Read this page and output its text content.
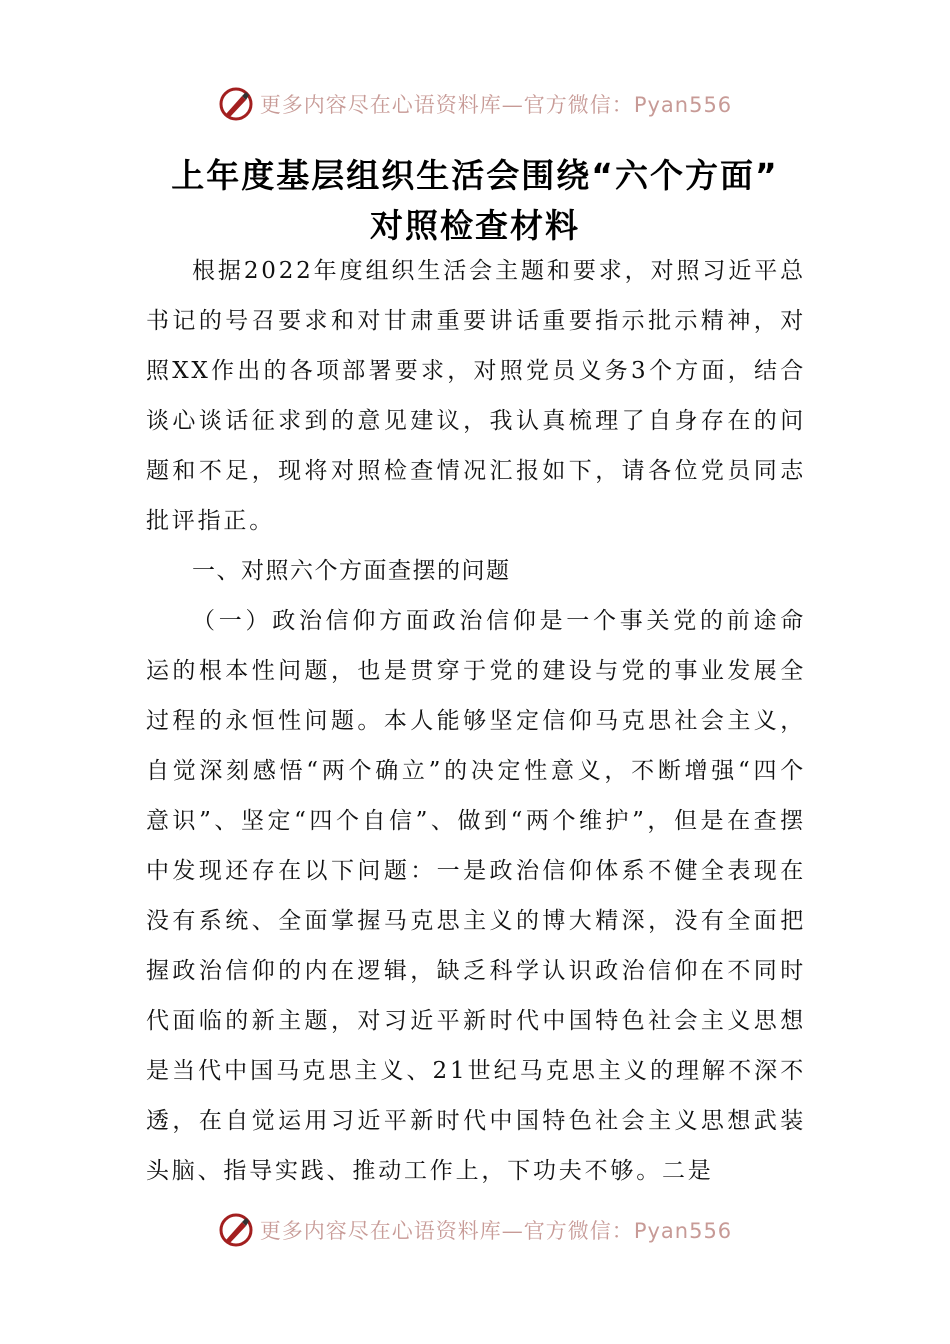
更多内容尽在心语资料库—官方微信：Pyan556
上年度基层组织生活会围绕“六个方面”
对照检查材料

根据2022年度组织生活会主题和要求，对照习近平总书记的号召要求和对甘肃重要讲话重要指示批示精神，对照XX作出的各项部署要求，对照党员义务3个方面，结合谈心谈话征求到的意见建议，我认真梳理了自身存在的问题和不足，现将对照检查情况汇报如下，请各位党员同志批评指正。

一、对照六个方面查摆的问题

（一）政治信仰方面政治信仰是一个事关党的前途命运的根本性问题，也是贯穿于党的建设与党的事业发展全过程的永恒性问题。本人能够坚定信仰马克思社会主义，自觉深刻感悟“两个确立”的决定性意义，不断增强“四个意识”、坚定“四个自信”、做到“两个维护”，但是在查摆中发现还存在以下问题：一是政治信仰体系不健全表现在没有系统、全面掌握马克思主义的博大精深，没有全面把握政治信仰的内在逻辑，缺乏科学认识政治信仰在不同时代面临的新主题，对习近平新时代中国特色社会主义思想是当代中国马克思主义、21世纪马克思主义的理解不深不透，在自觉运用习近平新时代中国特色社会主义思想武装头脑、指导实践、推动工作上，下功夫不够。二是

更多内容尽在心语资料库—官方微信：Pyan556
